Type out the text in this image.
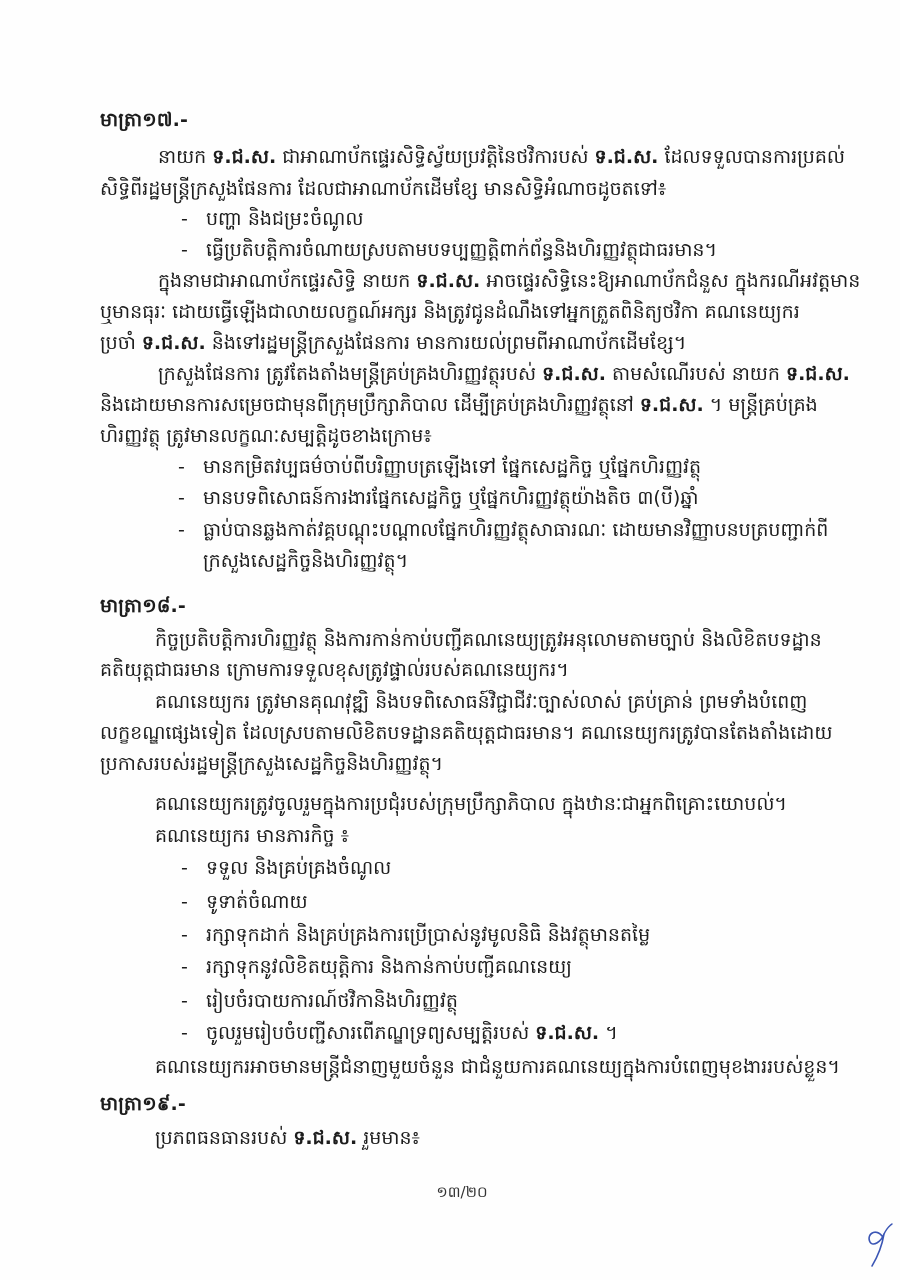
មាត្រា១៧.-
នាយក ទ.ជ.ស. ជាអាណាប័កផ្ទេរសិទ្ធិស្វ័យប្រវត្តិនៃថវិការបស់ ទ.ជ.ស. ដែលទទួលបានការប្រគល់
សិទ្ធិពីរដ្ឋមន្ត្រីក្រសួងផែនការ ដែលជាអាណាប័កដើមខ្សែ មានសិទ្ធិអំណាចដូចតទៅ៖
- បញ្ហា និងជម្រះចំណូល
- ធ្វើប្រតិបត្តិការចំណាយស្របតាមបទប្បញ្ញត្តិពាក់ព័ន្ធនិងហិរញ្ញវត្ថុជាធរមាន។
ក្នុងនាមជាអាណាប័កផ្ទេរសិទ្ធិ នាយក ទ.ជ.ស. អាចផ្ទេរសិទ្ធិនេះឱ្យអាណាប័កជំនួស ក្នុងករណីអវត្តមាន
ឬមានធុរៈ ដោយធ្វើឡើងជាលាយលក្ខណ៍អក្សរ និងត្រូវជូនដំណឹងទៅអ្នកត្រួតពិនិត្យថវិកា គណនេយ្យករ
ប្រចាំ ទ.ជ.ស. និងទៅរដ្ឋមន្ត្រីក្រសួងផែនការ មានការយល់ព្រមពីអាណាប័កដើមខ្សែ។
ក្រសួងផែនការ ត្រូវតែងតាំងមន្ត្រីគ្រប់គ្រងហិរញ្ញវត្ថុរបស់ ទ.ជ.ស. តាមសំណើរបស់ នាយក ទ.ជ.ស.
និងដោយមានការសម្រេចជាមុនពីក្រុមប្រឹក្សាភិបាល ដើម្បីគ្រប់គ្រងហិរញ្ញវត្ថុនៅ ទ.ជ.ស. ។ មន្ត្រីគ្រប់គ្រង
ហិរញ្ញវត្ថុ ត្រូវមានលក្ខណៈសម្បត្តិដូចខាងក្រោម៖
- មានកម្រិតវប្បធម៌ចាប់ពីបរិញ្ញាបត្រឡើងទៅ ផ្នែកសេដ្ឋកិច្ច ឬផ្នែកហិរញ្ញវត្ថុ
- មានបទពិសោធន៍ការងារផ្នែកសេដ្ឋកិច្ច ឬផ្នែកហិរញ្ញវត្ថុយ៉ាងតិច ៣(បី)ឆ្នាំ
- ធ្លាប់បានឆ្លងកាត់វគ្គបណ្តុះបណ្តាលផ្នែកហិរញ្ញវត្ថុសាធារណៈ ដោយមានវិញ្ញាបនបត្របញ្ជាក់ពី
ក្រសួងសេដ្ឋកិច្ចនិងហិរញ្ញវត្ថុ។
មាត្រា១៨.-
កិច្ចប្រតិបត្តិការហិរញ្ញវត្ថុ និងការកាន់កាប់បញ្ជីគណនេយ្យត្រូវអនុលោមតាមច្បាប់ និងលិខិតបទដ្ឋាន
គតិយុត្តជាធរមាន ក្រោមការទទួលខុសត្រូវផ្ទាល់របស់គណនេយ្យករ។
គណនេយ្យករ ត្រូវមានគុណវុឌ្ឍិ និងបទពិសោធន៍វិជ្ជាជីវៈច្បាស់លាស់ គ្រប់គ្រាន់ ព្រមទាំងបំពេញ
លក្ខខណ្ឌផ្សេងទៀត ដែលស្របតាមលិខិតបទដ្ឋានគតិយុត្តជាធរមាន។ គណនេយ្យករត្រូវបានតែងតាំងដោយ
ប្រកាសរបស់រដ្ឋមន្ត្រីក្រសួងសេដ្ឋកិច្ចនិងហិរញ្ញវត្ថុ។
គណនេយ្យករត្រូវចូលរួមក្នុងការប្រជុំរបស់ក្រុមប្រឹក្សាភិបាល ក្នុងឋានៈជាអ្នកពិគ្រោះយោបល់។
គណនេយ្យករ មានភារកិច្ច ៖
- ទទួល និងគ្រប់គ្រងចំណូល
- ទូទាត់ចំណាយ
- រក្សាទុកដាក់ និងគ្រប់គ្រងការប្រើប្រាស់នូវមូលនិធិ និងវត្ថុមានតម្លៃ
- រក្សាទុកនូវលិខិតយុត្តិការ និងកាន់កាប់បញ្ជីគណនេយ្យ
- រៀបចំរបាយការណ៍ថវិកានិងហិរញ្ញវត្ថុ
- ចូលរួមរៀបចំបញ្ជីសារពើភណ្ឌទ្រព្យសម្បត្តិរបស់ ទ.ជ.ស. ។
គណនេយ្យករអាចមានមន្ត្រីជំនាញមួយចំនួន ជាជំនួយការគណនេយ្យក្នុងការបំពេញមុខងាររបស់ខ្លួន។
មាត្រា១៩.-
ប្រភពធនធានរបស់ ទ.ជ.ស. រួមមាន៖
១៣/២០
